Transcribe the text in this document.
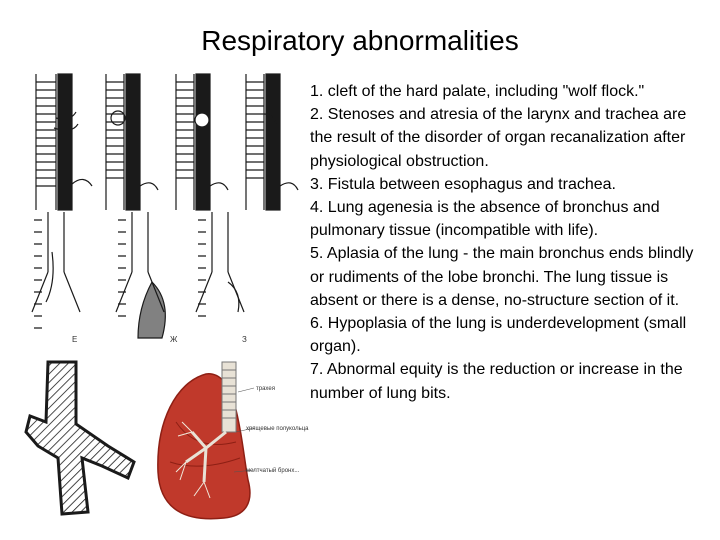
Respiratory abnormalities
1. cleft of the hard palate, including "wolf flock."
2. Stenoses and atresia of the larynx and trachea are the result of the disorder of organ recanalization after physiological obstruction.
3. Fistula between esophagus and trachea.
4. Lung agenesia is the absence of bronchus and pulmonary tissue (incompatible with life).
5. Aplasia of the lung - the main bronchus ends blindly or rudiments of the lobe bronchi. The lung tissue is absent or there is a dense, no-structure section of it.
6. Hypoplasia of the lung is underdevelopment (small organ).
7. Abnormal equity is the reduction or increase in the number of lung bits.
Е	Ж	З
трахея
хрящевые полукольца
мелтчатый бронх...
